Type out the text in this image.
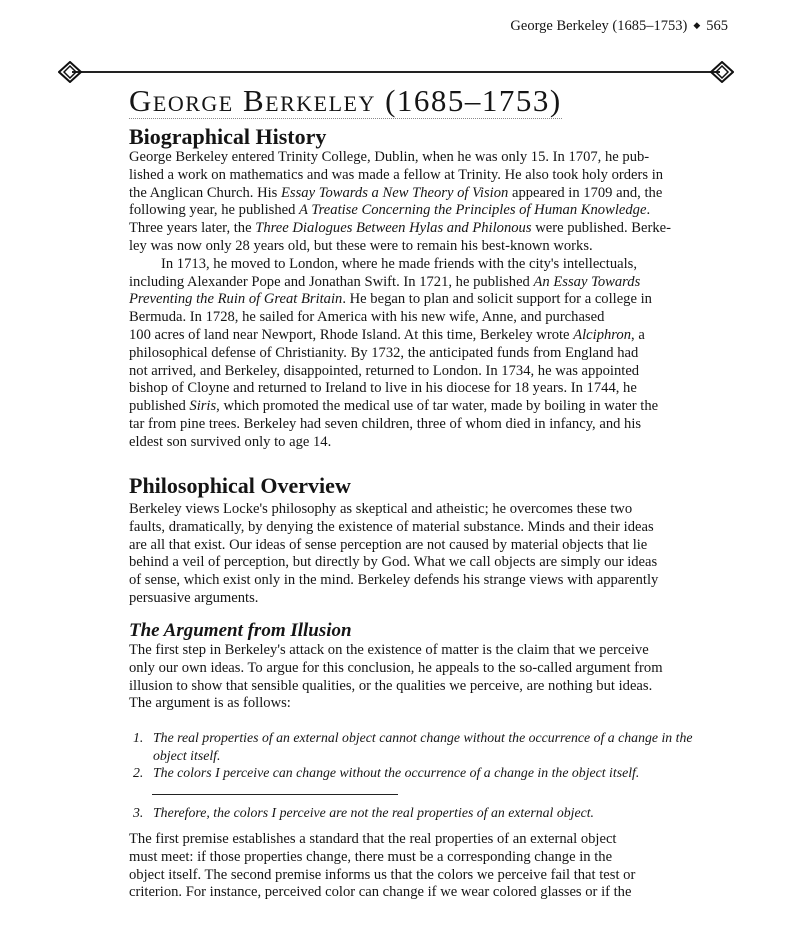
George Berkeley (1685–1753) ◆ 565
George Berkeley (1685–1753)
Biographical History
George Berkeley entered Trinity College, Dublin, when he was only 15. In 1707, he pub-
lished a work on mathematics and was made a fellow at Trinity. He also took holy orders in
the Anglican Church. His Essay Towards a New Theory of Vision appeared in 1709 and, the
following year, he published A Treatise Concerning the Principles of Human Knowledge.
Three years later, the Three Dialogues Between Hylas and Philonous were published. Berke-
ley was now only 28 years old, but these were to remain his best-known works.
In 1713, he moved to London, where he made friends with the city's intellectuals,
including Alexander Pope and Jonathan Swift. In 1721, he published An Essay Towards
Preventing the Ruin of Great Britain. He began to plan and solicit support for a college in
Bermuda. In 1728, he sailed for America with his new wife, Anne, and purchased
100 acres of land near Newport, Rhode Island. At this time, Berkeley wrote Alciphron, a
philosophical defense of Christianity. By 1732, the anticipated funds from England had
not arrived, and Berkeley, disappointed, returned to London. In 1734, he was appointed
bishop of Cloyne and returned to Ireland to live in his diocese for 18 years. In 1744, he
published Siris, which promoted the medical use of tar water, made by boiling in water the
tar from pine trees. Berkeley had seven children, three of whom died in infancy, and his
eldest son survived only to age 14.
Philosophical Overview
Berkeley views Locke's philosophy as skeptical and atheistic; he overcomes these two
faults, dramatically, by denying the existence of material substance. Minds and their ideas
are all that exist. Our ideas of sense perception are not caused by material objects that lie
behind a veil of perception, but directly by God. What we call objects are simply our ideas
of sense, which exist only in the mind. Berkeley defends his strange views with apparently
persuasive arguments.
The Argument from Illusion
The first step in Berkeley's attack on the existence of matter is the claim that we perceive
only our own ideas. To argue for this conclusion, he appeals to the so-called argument from
illusion to show that sensible qualities, or the qualities we perceive, are nothing but ideas.
The argument is as follows:
1. The real properties of an external object cannot change without the occurrence of a change in the
object itself.
2. The colors I perceive can change without the occurrence of a change in the object itself.
3. Therefore, the colors I perceive are not the real properties of an external object.
The first premise establishes a standard that the real properties of an external object
must meet: if those properties change, there must be a corresponding change in the
object itself. The second premise informs us that the colors we perceive fail that test or
criterion. For instance, perceived color can change if we wear colored glasses or if the
